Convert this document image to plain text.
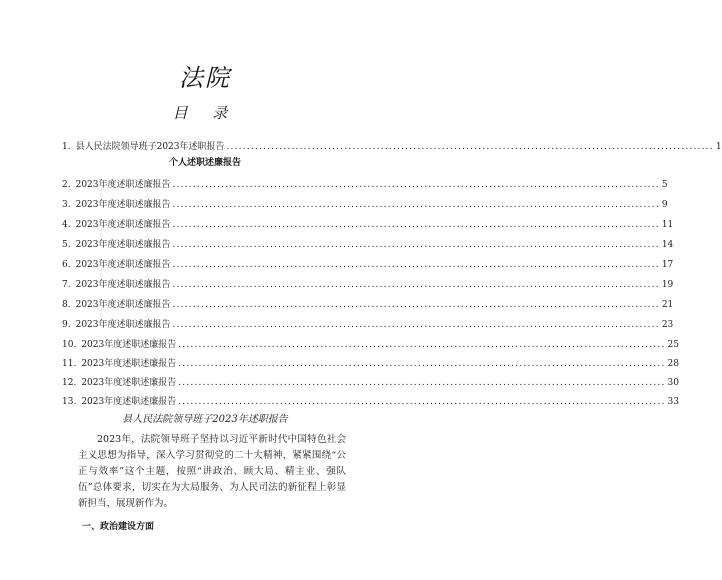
法院
目 录
1. 县人民法院领导班子2023年述职报告 ........................................................................................................................ 1
2. 2023年度述职述廉报告 ........................................................................................................................ 5
3. 2023年度述职述廉报告 ........................................................................................................................ 9
4. 2023年度述职述廉报告 ........................................................................................................................ 11
5. 2023年度述职述廉报告 ........................................................................................................................ 14
6. 2023年度述职述廉报告 ........................................................................................................................ 17
7. 2023年度述职述廉报告 ........................................................................................................................ 19
8. 2023年度述职述廉报告 ........................................................................................................................ 21
9. 2023年度述职述廉报告 ........................................................................................................................ 23
10. 2023年度述职述廉报告 ........................................................................................................................ 25
11. 2023年度述职述廉报告 ........................................................................................................................ 28
12. 2023年度述职述廉报告 ........................................................................................................................ 30
13. 2023年度述职述廉报告 ........................................................................................................................ 33
个人述职述廉报告
县人民法院领导班子2023年述职报告

2023年，法院领导班子坚持以习近平新时代中国特色社会主义思想为指导，深入学习贯彻党的二十大精神，紧紧围绕“公正与效率”这个主题，按照“讲政治、顾大局、精主业、强队伍”总体要求，切实在为大局服务、为人民司法的新征程上彰显新担当，展现新作为。

一、政治建设方面
